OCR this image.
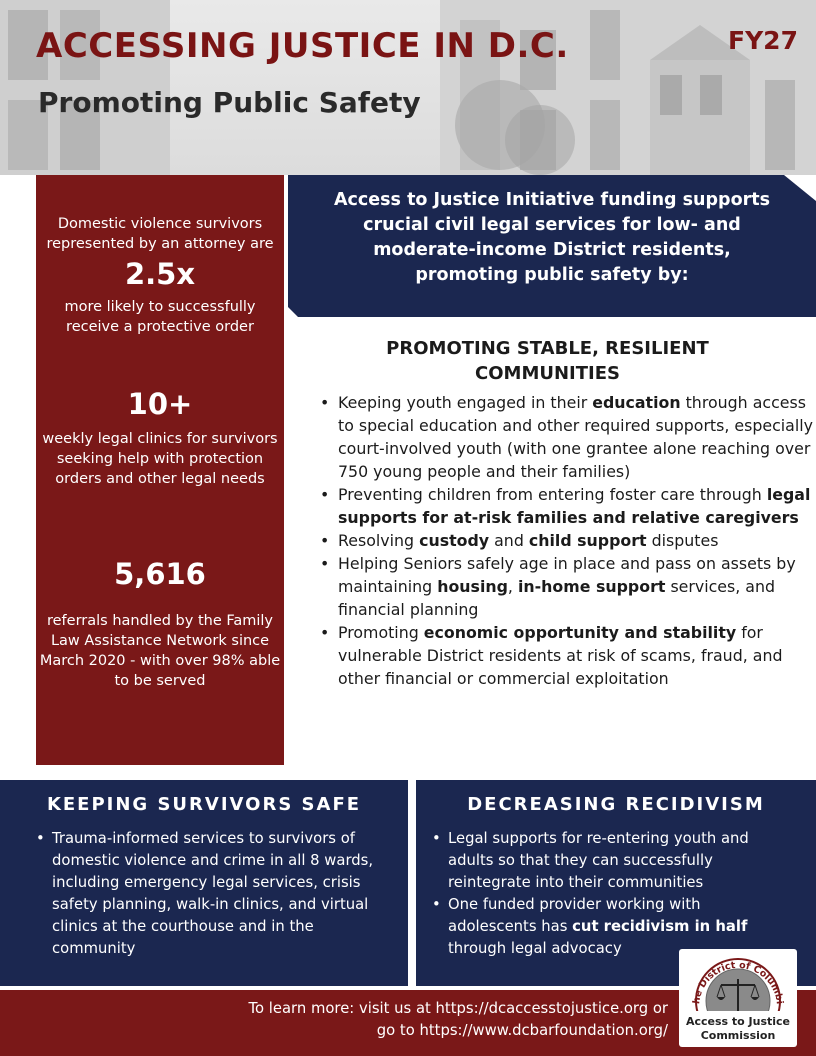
ACCESSING JUSTICE IN D.C.
Promoting Public Safety
FY27
Domestic violence survivors represented by an attorney are
2.5x
more likely to successfully receive a protective order
10+
weekly legal clinics for survivors seeking help with protection orders and other legal needs
5,616
referrals handled by the Family Law Assistance Network since March 2020 - with over 98% able to be served

Access to Justice Initiative funding supports
crucial civil legal services for low- and
moderate-income District residents,
promoting public safety by:

PROMOTING STABLE, RESILIENT
COMMUNITIES
• Keeping youth engaged in their education through access to special education and other required supports, especially court-involved youth (with one grantee alone reaching over 750 young people and their families)
• Preventing children from entering foster care through legal supports for at-risk families and relative caregivers
• Resolving custody and child support disputes
• Helping Seniors safely age in place and pass on assets by maintaining housing, in-home support services, and financial planning
• Promoting economic opportunity and stability for vulnerable District residents at risk of scams, fraud, and other financial or commercial exploitation
KEEPING SURVIVORS SAFE
• Trauma-informed services to survivors of domestic violence and crime in all 8 wards, including emergency legal services, crisis safety planning, walk-in clinics, and virtual clinics at the courthouse and in the community
DECREASING RECIDIVISM
• Legal supports for re-entering youth and adults so that they can successfully reintegrate into their communities
• One funded provider working with adolescents has cut recidivism in half through legal advocacy
To learn more: visit us at https://dcaccesstojustice.org or
go to https://www.dcbarfoundation.org/
he District of Columbi
Access to Justice
Commission
